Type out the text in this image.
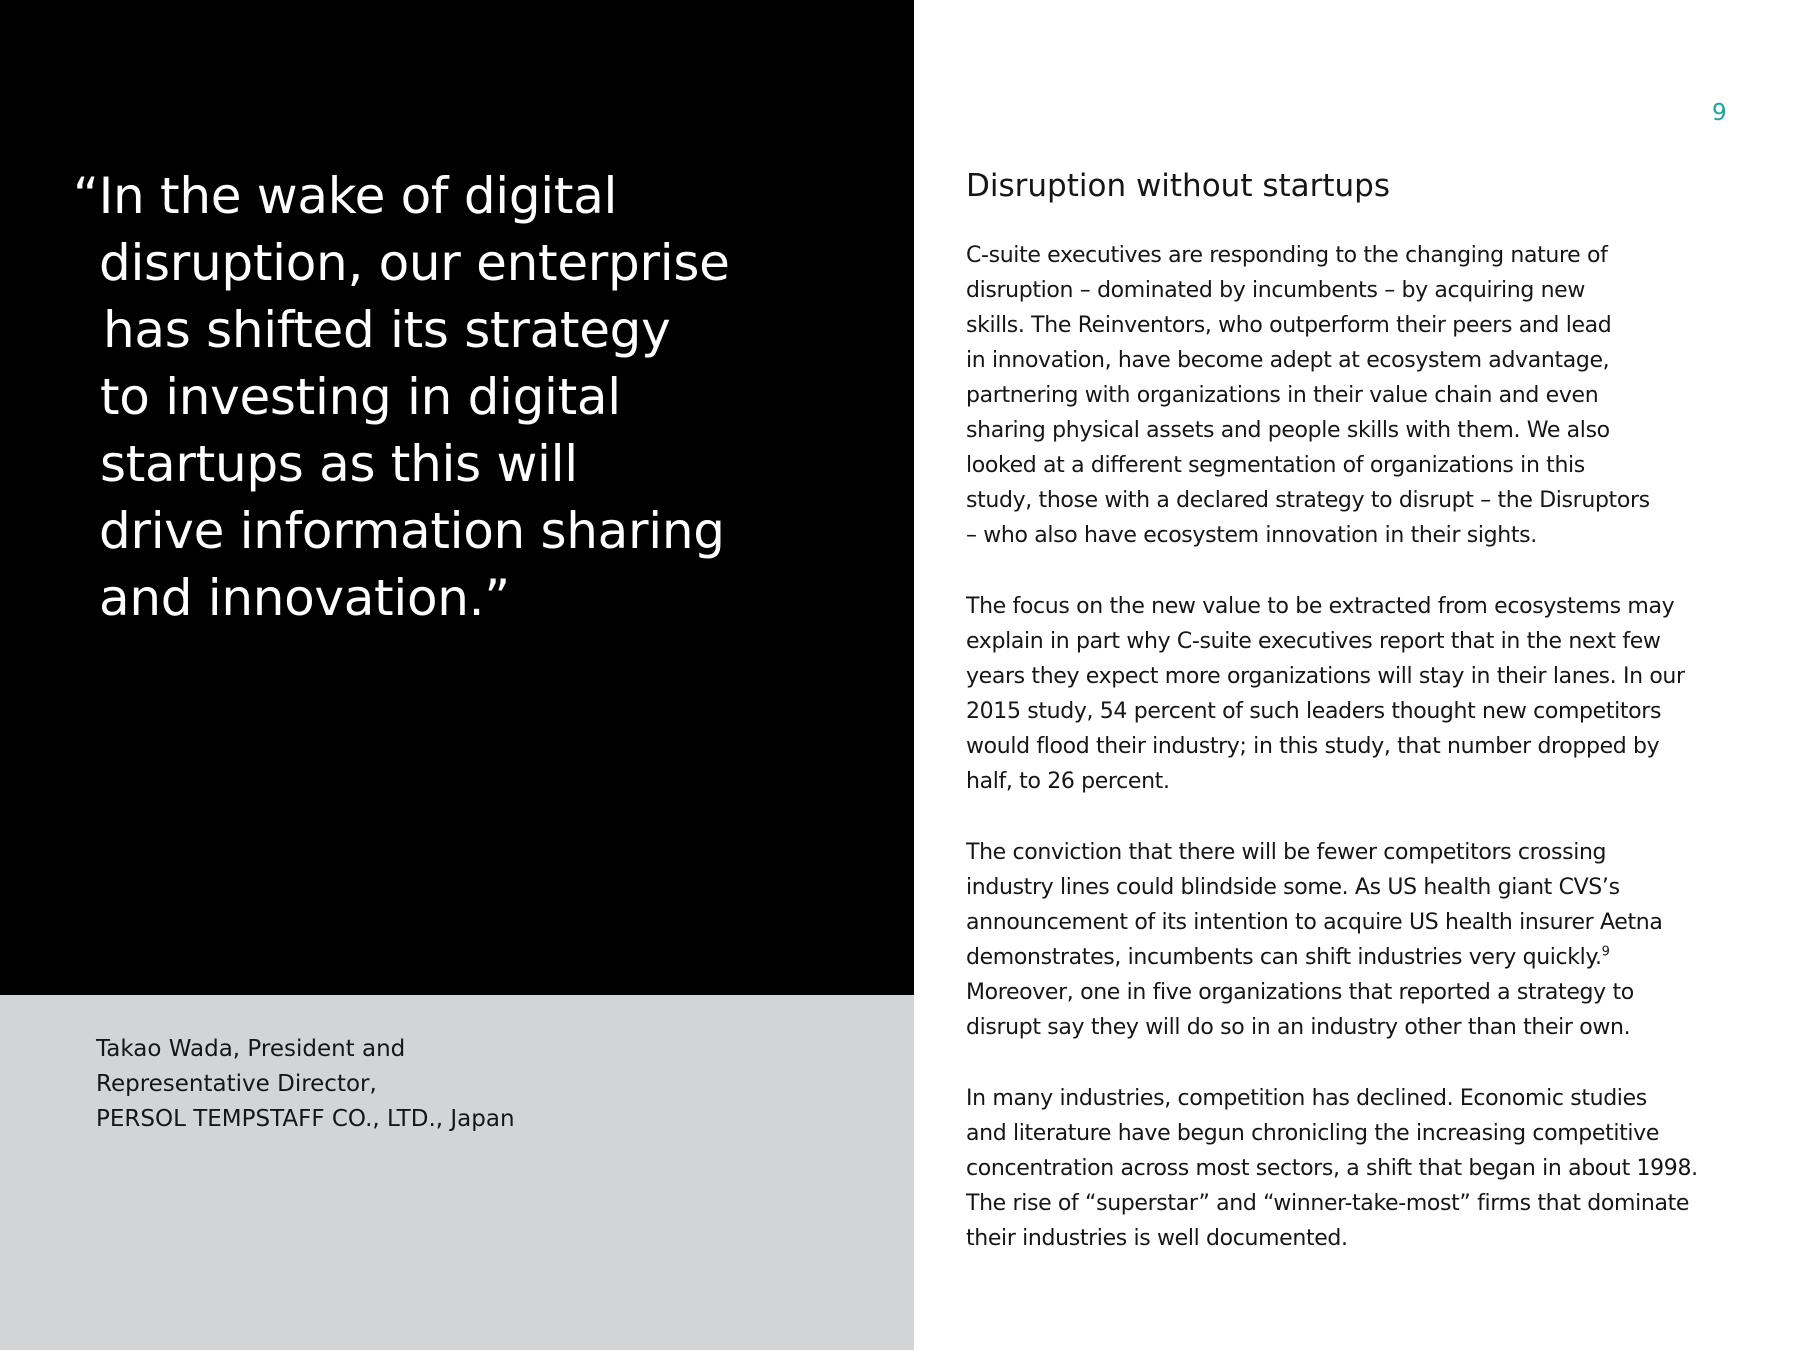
“In the wake of digital

disruption, our enterprise

has shifted its strategy

to investing in digital

startups as this will

drive information sharing

and innovation.”

Takao Wada, President and

Representative Director,

PERSOL TEMPSTAFF CO., LTD., Japan

9

Disruption without startups

C-suite executives are responding to the changing nature of

disruption – dominated by incumbents – by acquiring new

skills. The Reinventors, who outperform their peers and lead

in innovation, have become adept at ecosystem advantage,

partnering with organizations in their value chain and even

sharing physical assets and people skills with them. We also

looked at a different segmentation of organizations in this

study, those with a declared strategy to disrupt – the Disruptors

– who also have ecosystem innovation in their sights.

The focus on the new value to be extracted from ecosystems may

explain in part why C-suite executives report that in the next few

years they expect more organizations will stay in their lanes. In our

2015 study, 54 percent of such leaders thought new competitors

would flood their industry; in this study, that number dropped by

half, to 26 percent.

The conviction that there will be fewer competitors crossing

industry lines could blindside some. As US health giant CVS’s

announcement of its intention to acquire US health insurer Aetna

demonstrates, incumbents can shift industries very quickly.$^9$

Moreover, one in five organizations that reported a strategy to

disrupt say they will do so in an industry other than their own.

In many industries, competition has declined. Economic studies

and literature have begun chronicling the increasing competitive

concentration across most sectors, a shift that began in about 1998.

The rise of “superstar” and “winner-take-most” firms that dominate

their industries is well documented.
